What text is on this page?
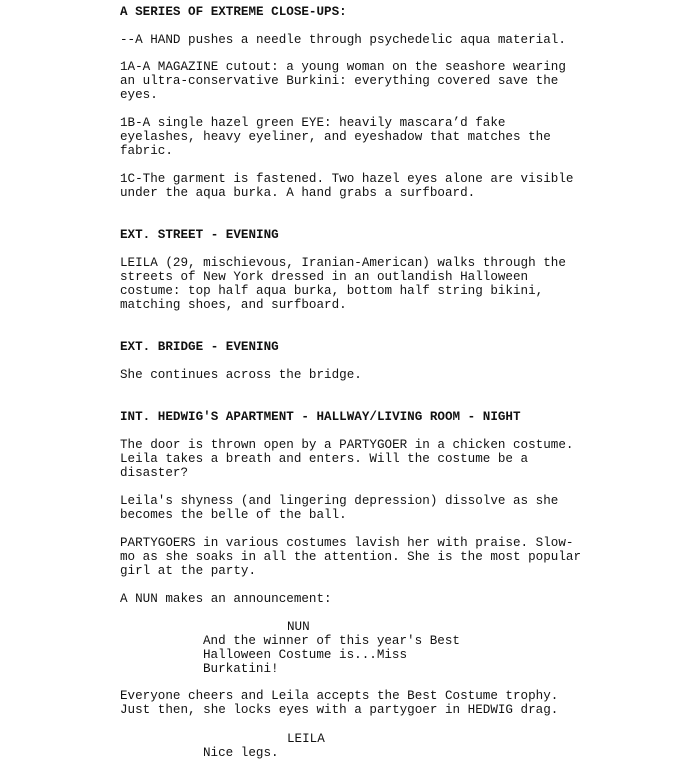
A SERIES OF EXTREME CLOSE-UPS:
--A HAND pushes a needle through psychedelic aqua material.
1A-A MAGAZINE cutout: a young woman on the seashore wearing
an ultra-conservative Burkini: everything covered save the
eyes.
1B-A single hazel green EYE: heavily mascara’d fake
eyelashes, heavy eyeliner, and eyeshadow that matches the
fabric.
1C-The garment is fastened. Two hazel eyes alone are visible
under the aqua burka. A hand grabs a surfboard.
EXT. STREET - EVENING
LEILA (29, mischievous, Iranian-American) walks through the
streets of New York dressed in an outlandish Halloween
costume: top half aqua burka, bottom half string bikini,
matching shoes, and surfboard.
EXT. BRIDGE - EVENING
She continues across the bridge.
INT. HEDWIG'S APARTMENT - HALLWAY/LIVING ROOM - NIGHT
The door is thrown open by a PARTYGOER in a chicken costume.
Leila takes a breath and enters. Will the costume be a
disaster?
Leila's shyness (and lingering depression) dissolve as she
becomes the belle of the ball.
PARTYGOERS in various costumes lavish her with praise. Slow-
mo as she soaks in all the attention. She is the most popular
girl at the party.
A NUN makes an announcement:
NUN
And the winner of this year's Best
Halloween Costume is...Miss
Burkatini!
Everyone cheers and Leila accepts the Best Costume trophy.
Just then, she locks eyes with a partygoer in HEDWIG drag.
LEILA
Nice legs.
